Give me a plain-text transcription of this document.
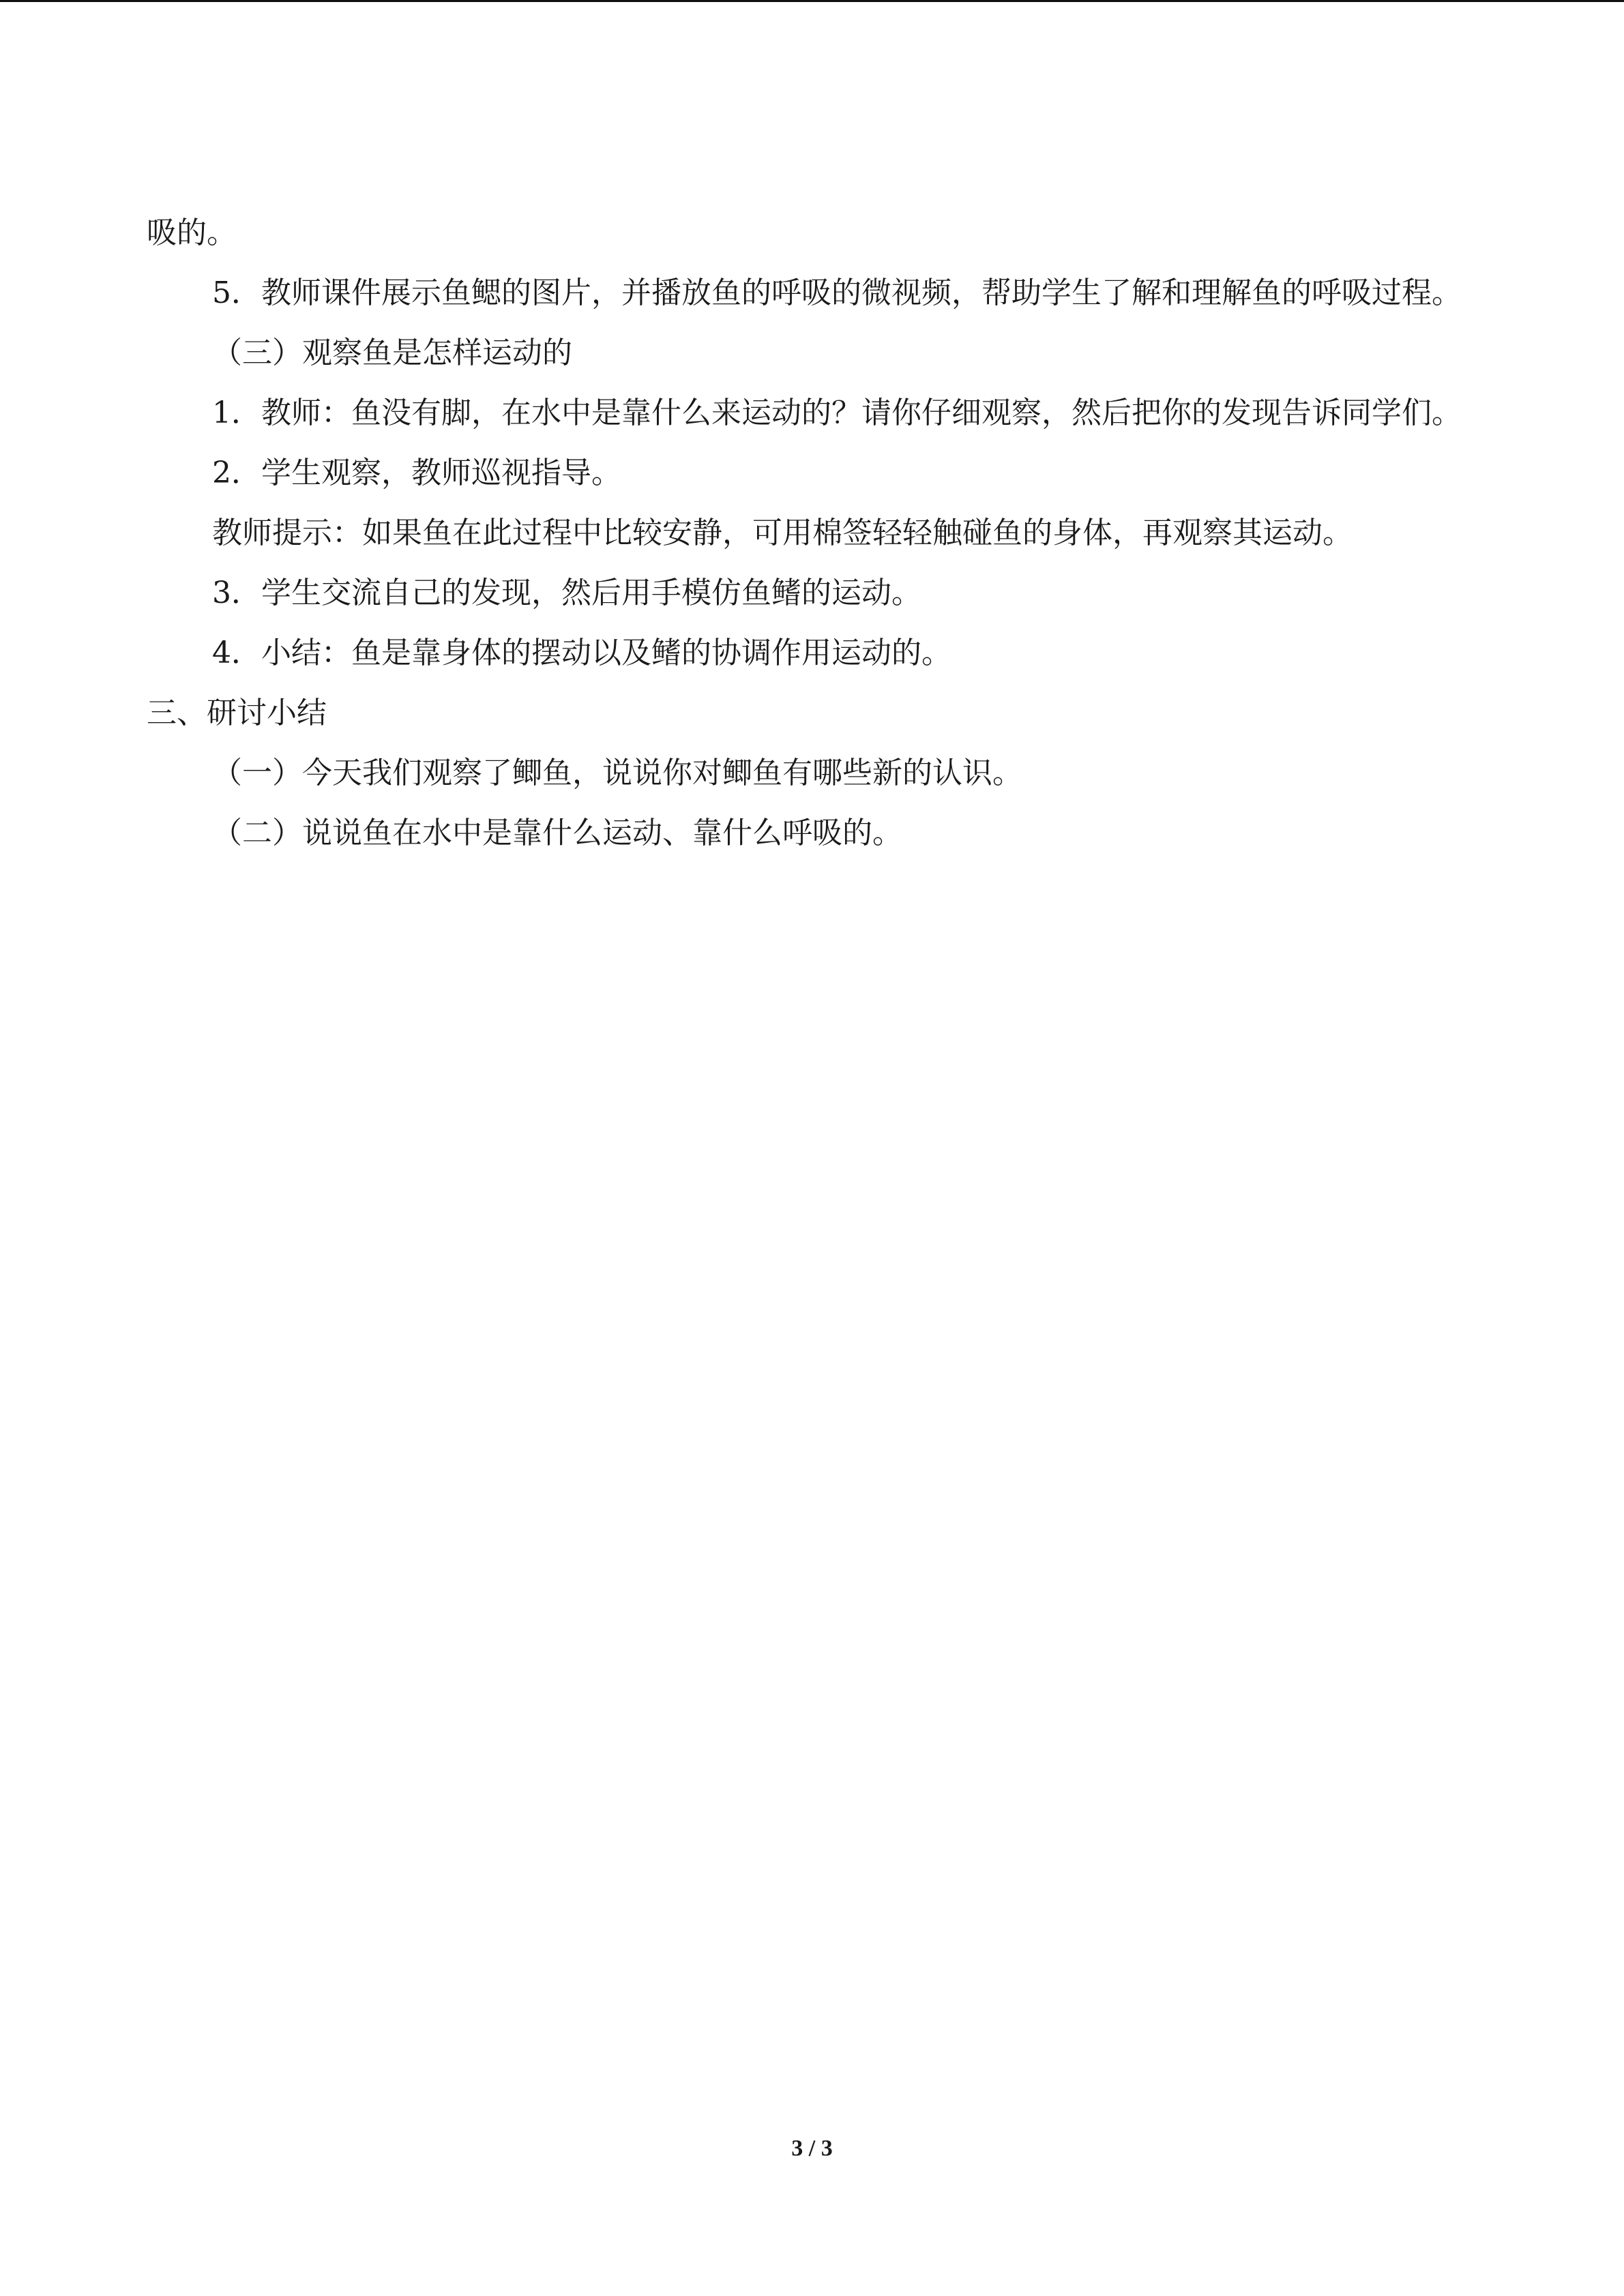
吸的。
5．教师课件展示鱼鳃的图片，并播放鱼的呼吸的微视频，帮助学生了解和理解鱼的呼吸过程。
（三）观察鱼是怎样运动的
1．教师：鱼没有脚，在水中是靠什么来运动的？请你仔细观察，然后把你的发现告诉同学们。
2．学生观察，教师巡视指导。
教师提示：如果鱼在此过程中比较安静，可用棉签轻轻触碰鱼的身体，再观察其运动。
3．学生交流自己的发现，然后用手模仿鱼鳍的运动。
4．小结：鱼是靠身体的摆动以及鳍的协调作用运动的。
三、研讨小结
（一）今天我们观察了鲫鱼，说说你对鲫鱼有哪些新的认识。
（二）说说鱼在水中是靠什么运动、靠什么呼吸的。
3 / 3
